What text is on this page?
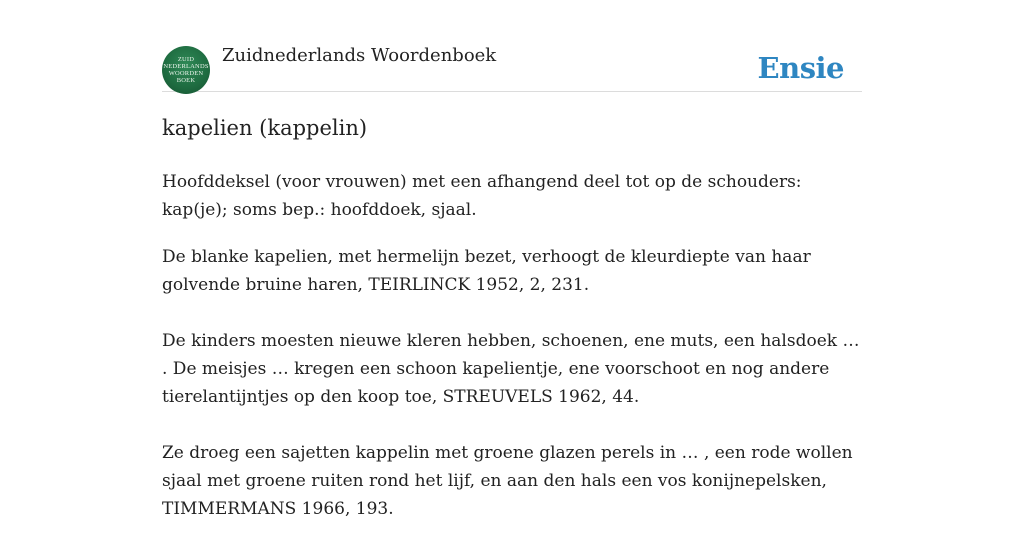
ZUID
NEDERLANDS
WOORDEN
BOEK
Zuidnederlands Woordenboek	Ensie
kapelien (kappelin)

Hoofddeksel (voor vrouwen) met een afhangend deel tot op de schouders: kap(je); soms bep.: hoofddoek, sjaal.

De blanke kapelien, met hermelijn bezet, verhoogt de kleurdiepte van haar golvende bruine haren, TEIRLINCK 1952, 2, 231.

De kinders moesten nieuwe kleren hebben, schoenen, ene muts, een halsdoek … . De meisjes … kregen een schoon kapelientje, ene voorschoot en nog andere tierelantijntjes op den koop toe, STREUVELS 1962, 44.

Ze droeg een sajetten kappelin met groene glazen perels in … , een rode wollen sjaal met groene ruiten rond het lijf, en aan den hals een vos konijnepelsken, TIMMERMANS 1966, 193.
